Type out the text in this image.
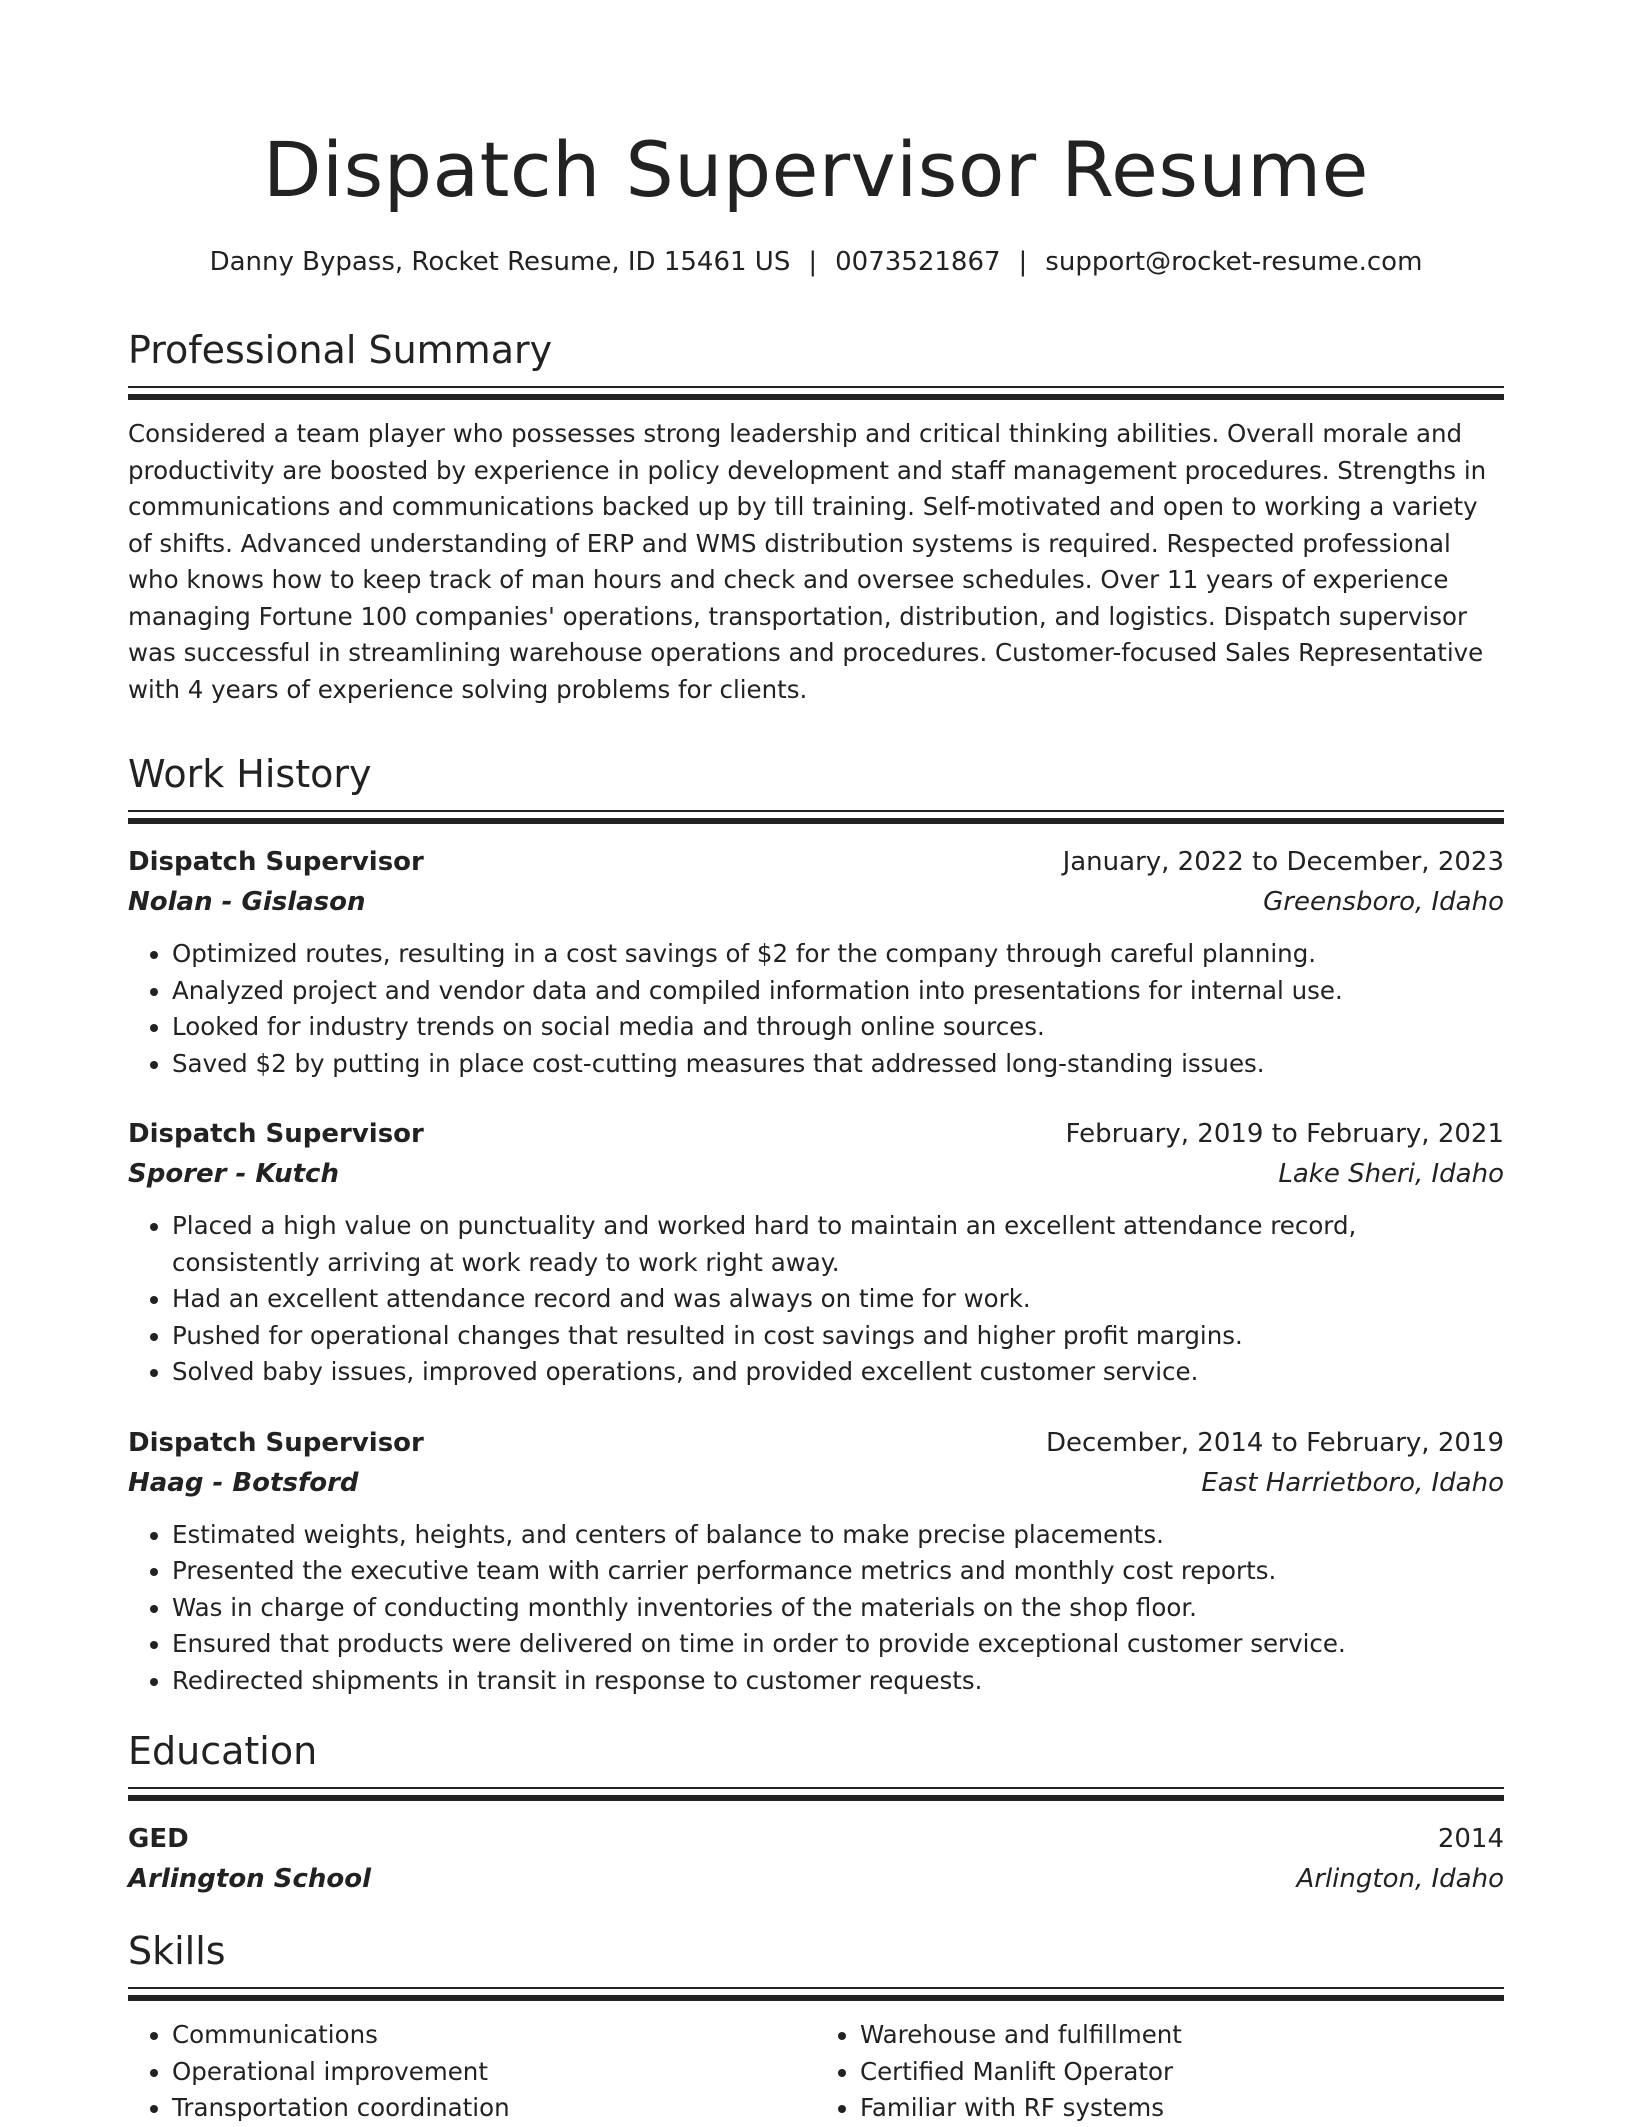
Dispatch Supervisor Resume
Danny Bypass, Rocket Resume, ID 15461 US | 0073521867 | support@rocket-resume.com
Professional Summary

Considered a team player who possesses strong leadership and critical thinking abilities. Overall morale and productivity are boosted by experience in policy development and staff management procedures. Strengths in communications and communications backed up by till training. Self-motivated and open to working a variety of shifts. Advanced understanding of ERP and WMS distribution systems is required. Respected professional who knows how to keep track of man hours and check and oversee schedules. Over 11 years of experience managing Fortune 100 companies' operations, transportation, distribution, and logistics. Dispatch supervisor was successful in streamlining warehouse operations and procedures. Customer-focused Sales Representative with 4 years of experience solving problems for clients.

Work History
Dispatch Supervisor	January, 2022 to December, 2023
Nolan - Gislason	Greensboro, Idaho
• Optimized routes, resulting in a cost savings of $2 for the company through careful planning.
• Analyzed project and vendor data and compiled information into presentations for internal use.
• Looked for industry trends on social media and through online sources.
• Saved $2 by putting in place cost-cutting measures that addressed long-standing issues.
Dispatch Supervisor	February, 2019 to February, 2021
Sporer - Kutch	Lake Sheri, Idaho
• Placed a high value on punctuality and worked hard to maintain an excellent attendance record, consistently arriving at work ready to work right away.
• Had an excellent attendance record and was always on time for work.
• Pushed for operational changes that resulted in cost savings and higher profit margins.
• Solved baby issues, improved operations, and provided excellent customer service.
Dispatch Supervisor	December, 2014 to February, 2019
Haag - Botsford	East Harrietboro, Idaho
• Estimated weights, heights, and centers of balance to make precise placements.
• Presented the executive team with carrier performance metrics and monthly cost reports.
• Was in charge of conducting monthly inventories of the materials on the shop floor.
• Ensured that products were delivered on time in order to provide exceptional customer service.
• Redirected shipments in transit in response to customer requests.
Education
GED	2014
Arlington School	Arlington, Idaho
Skills
• Communications
• Operational improvement
• Transportation coordination
• Warehouse and fulfillment
• Certified Manlift Operator
• Familiar with RF systems
